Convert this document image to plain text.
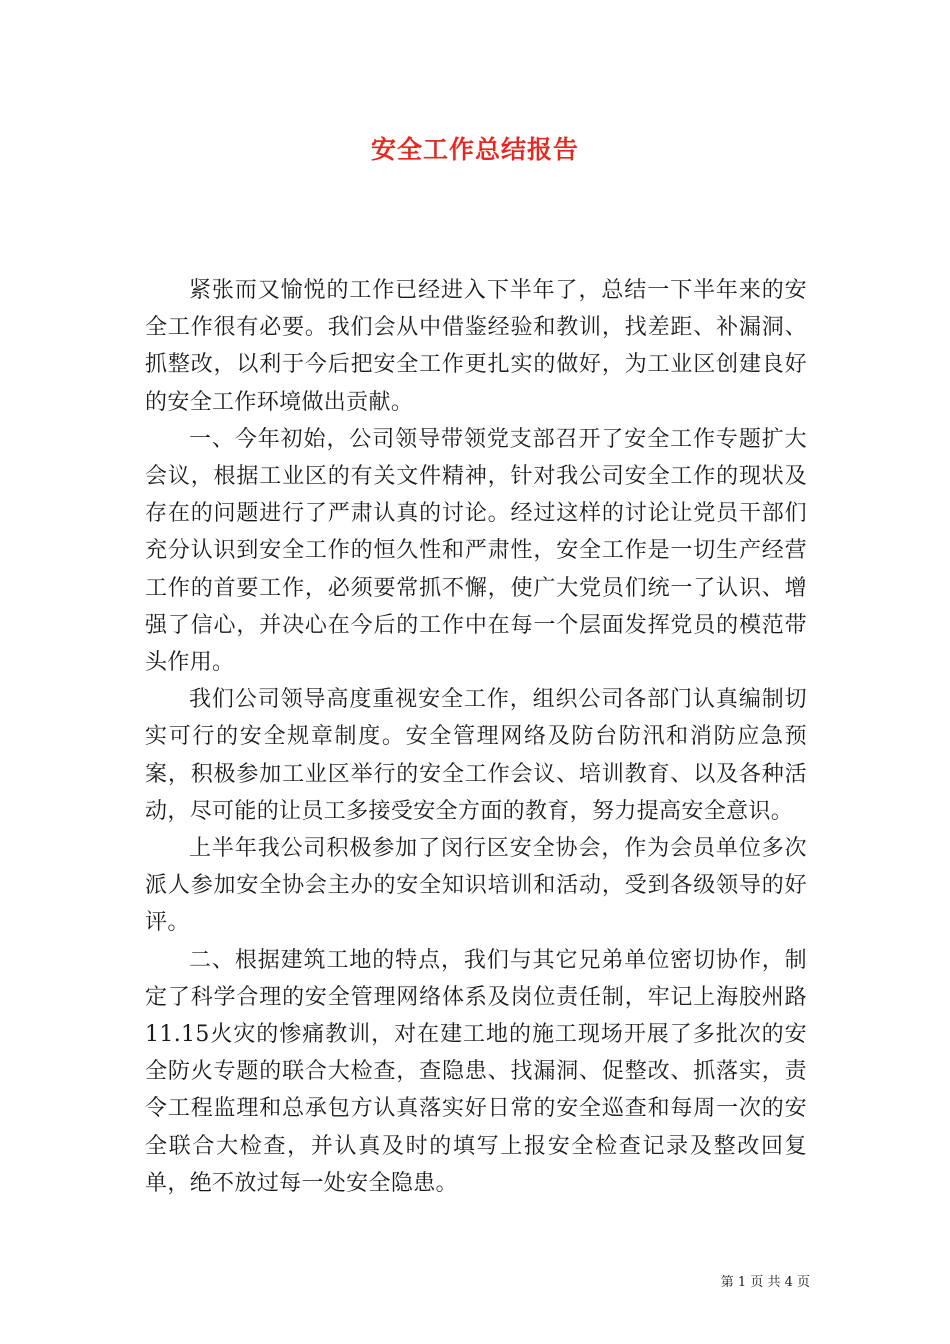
安全工作总结报告

紧张而又愉悦的工作已经进入下半年了，总结一下半年来的安全工作很有必要。我们会从中借鉴经验和教训，找差距、补漏洞、抓整改，以利于今后把安全工作更扎实的做好，为工业区创建良好的安全工作环境做出贡献。

一、今年初始，公司领导带领党支部召开了安全工作专题扩大会议，根据工业区的有关文件精神，针对我公司安全工作的现状及存在的问题进行了严肃认真的讨论。经过这样的讨论让党员干部们充分认识到安全工作的恒久性和严肃性，安全工作是一切生产经营工作的首要工作，必须要常抓不懈，使广大党员们统一了认识、增强了信心，并决心在今后的工作中在每一个层面发挥党员的模范带头作用。

我们公司领导高度重视安全工作，组织公司各部门认真编制切实可行的安全规章制度。安全管理网络及防台防汛和消防应急预案，积极参加工业区举行的安全工作会议、培训教育、以及各种活动，尽可能的让员工多接受安全方面的教育，努力提高安全意识。

上半年我公司积极参加了闵行区安全协会，作为会员单位多次派人参加安全协会主办的安全知识培训和活动，受到各级领导的好评。

二、根据建筑工地的特点，我们与其它兄弟单位密切协作，制定了科学合理的安全管理网络体系及岗位责任制，牢记上海胶州路11.15火灾的惨痛教训，对在建工地的施工现场开展了多批次的安全防火专题的联合大检查，查隐患、找漏洞、促整改、抓落实，责令工程监理和总承包方认真落实好日常的安全巡查和每周一次的安全联合大检查，并认真及时的填写上报安全检查记录及整改回复单，绝不放过每一处安全隐患。

第 1 页 共 4 页
